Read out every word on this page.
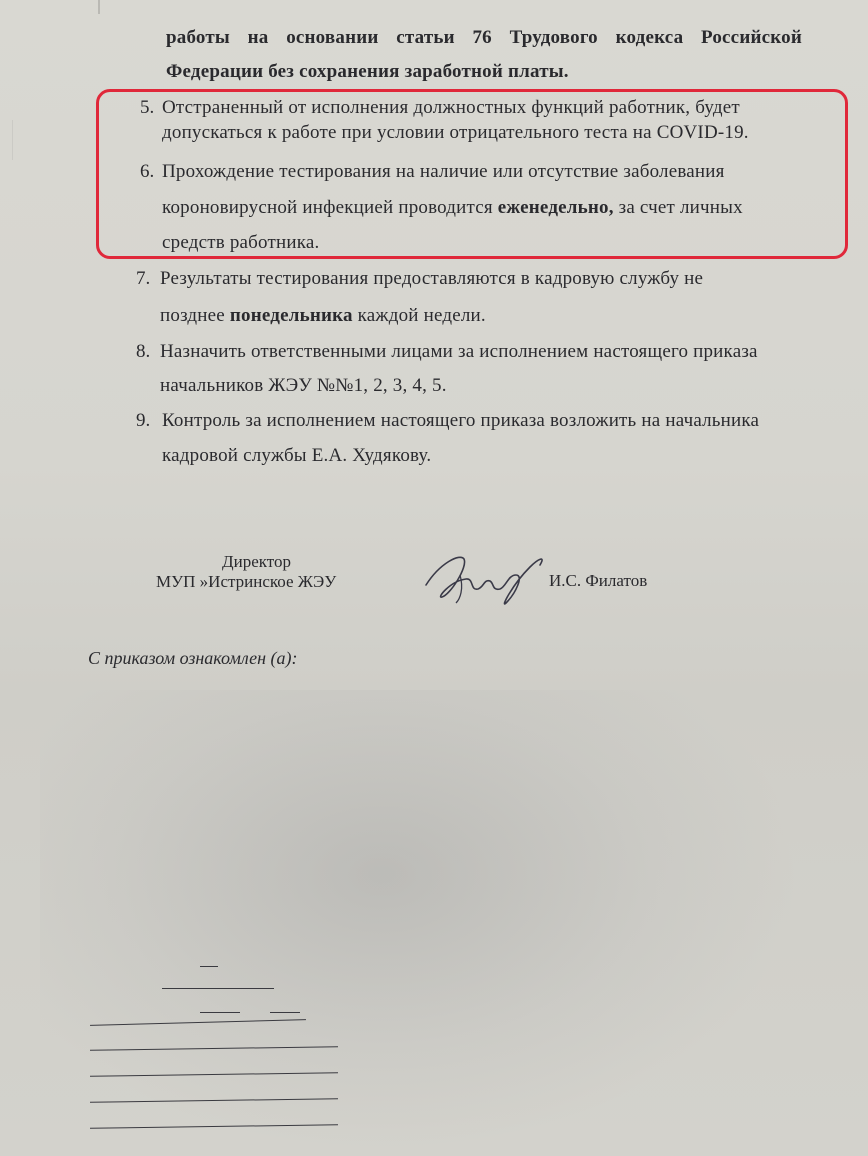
работы на основании статьи 76 Трудового кодекса Российской
Федерации без сохранения заработной платы.
5. Отстраненный от исполнения должностных функций работник, будет
допускаться к работе при условии отрицательного теста на COVID-19.
6. Прохождение тестирования на наличие или отсутствие заболевания
короновирусной инфекцией проводится еженедельно, за счет личных
средств работника.
7. Результаты тестирования предоставляются в кадровую службу не
позднее понедельника каждой недели.
8. Назначить ответственными лицами за исполнением настоящего приказа
начальников ЖЭУ №№1, 2, 3, 4, 5.
9. Контроль за исполнением настоящего приказа возложить на начальника
кадровой службы Е.А. Худякову.
Директор
МУП »Истринское ЖЭУ	И.С. Филатов
С приказом ознакомлен (а):
